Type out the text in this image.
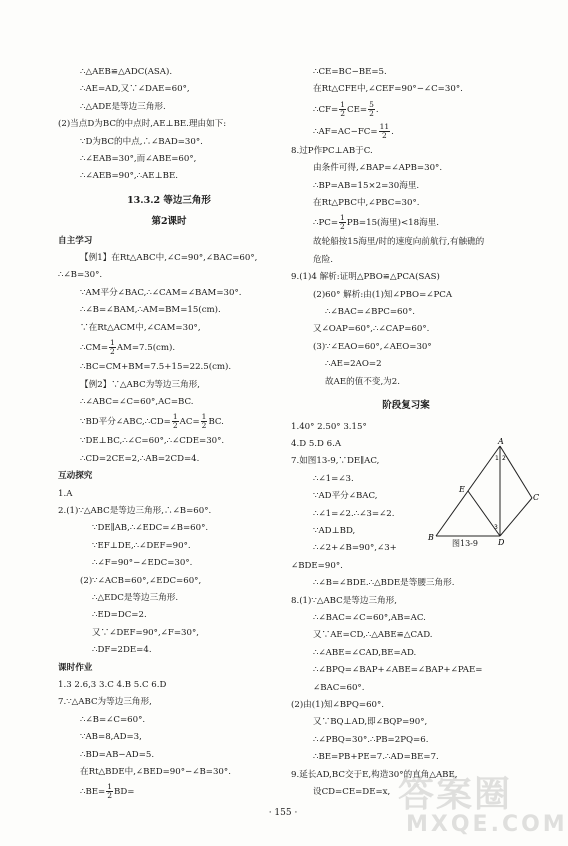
∴△AEB≌△ADC(ASA).
∴AE=AD,又∵∠DAE=60°,
∴△ADE是等边三角形.
(2)当点D为BC的中点时,AE⊥BE.理由如下:
∵D为BC的中点,∴∠BAD=30°.
∴∠EAB=30°,而∠ABE=60°,
∴∠AEB=90°,∴AE⊥BE.
13.3.2 等边三角形
第2课时
自主学习
【例1】在Rt△ABC中,∠C=90°,∠BAC=60°,
∴∠B=30°.
∵AM平分∠BAC,∴∠CAM=∠BAM=30°.
∴∠B=∠BAM,∴AM=BM=15(cm).
∵在Rt△ACM中,∠CAM=30°,
∴CM= $\frac{1}{2} AM=7.5(cm)$.
∴BC=CM+BM=7.5+15=22.5(cm).
【例2】∵△ABC为等边三角形,
∴∠ABC=∠C=60°,AC=BC.
∵BD平分∠ABC,∴CD= $\frac{1}{2} AC= \frac{1}{2}$ BC.
∵DE⊥BC,∴∠C=60°,∴∠CDE=30°.
∴CD=2CE=2,∴AB=2CD=4.
互动探究
1.A
2.(1)∵△ABC是等边三角形,∴∠B=60°.
∵DE∥AB,∴∠EDC=∠B=60°.
∵EF⊥DE,∴∠DEF=90°.
∴∠F=90°−∠EDC=30°.
(2)∵∠ACB=60°,∠EDC=60°,
∴△EDC是等边三角形.
∴ED=DC=2.
又∵∠DEF=90°,∠F=30°,
∴DF=2DE=4.
课时作业
1.3 2.6,3 3.C 4.B 5.C 6.D
7.∵△ABC为等边三角形,
∴∠B=∠C=60°.
∵AB=8,AD=3,
∴BD=AB−AD=5.
在Rt△BDE中,∠BED=90°−∠B=30°.
∴BE= $\frac{1}{2} BD=$
∴CE=BC−BE=5.
在Rt△CFE中,∠CEF=90°−∠C=30°.
∴CF= $\frac{1}{2} CE= \frac{5}{2}$ .
∴AF=AC−FC= $\frac{11}{2}$ .
8.过P作PC⊥AB于C.
由条件可得,∠BAP=∠APB=30°.
∴BP=AB=15×2=30海里.
在Rt△PBC中,∠PBC=30°.
∴PC= $\frac{1}{2} PB=15$(海里)<18海里.
故轮船按15海里/时的速度向前航行,有触礁的
危险.
9.(1)4 解析:证明△PBO≌△PCA(SAS)
(2)60° 解析:由(1)知∠PBO=∠PCA
∴∠BAC=∠BPC=60°.
又∠OAP=60°,∴∠CAP=60°.
(3)∵∠EAO=60°,∠AEO=30°
∴AE=2AO=2
故AE的值不变,为2.
阶段复习案
1.40° 2.50° 3.15°
4.D 5.D 6.A
7.如图13-9,∵DE∥AC,
∴∠1=∠3.
∵AD平分∠BAC,
∴∠1=∠2.∴∠3=∠2.
∵AD⊥BD,
∴∠2+∠B=90°,∠3+
∠BDE=90°.
∴∠B=∠BDE.∴△BDE是等腰三角形.
8.(1)∵△ABC是等边三角形,
∴∠BAC=∠C=60°,AB=AC.
又∵AE=CD,∴△ABE≌△CAD.
∴∠ABE=∠CAD,BE=AD.
∴∠BPQ=∠BAP+∠ABE=∠BAP+∠PAE=
∠BAC=60°.
(2)由(1)知∠BPQ=60°.
又∵BQ⊥AD,即∠BQP=90°,
∴∠PBQ=30°.∴PB=2PQ=6.
∴BE=PB+PE=7.∴AD=BE=7.
9.延长AD,BC交于E,构造30°的直角△ABE,
设CD=CE=DE=x,
A
B
C
D
E
1 2
3
图13-9
· 155 ·	答案圈
MXQE.COM
